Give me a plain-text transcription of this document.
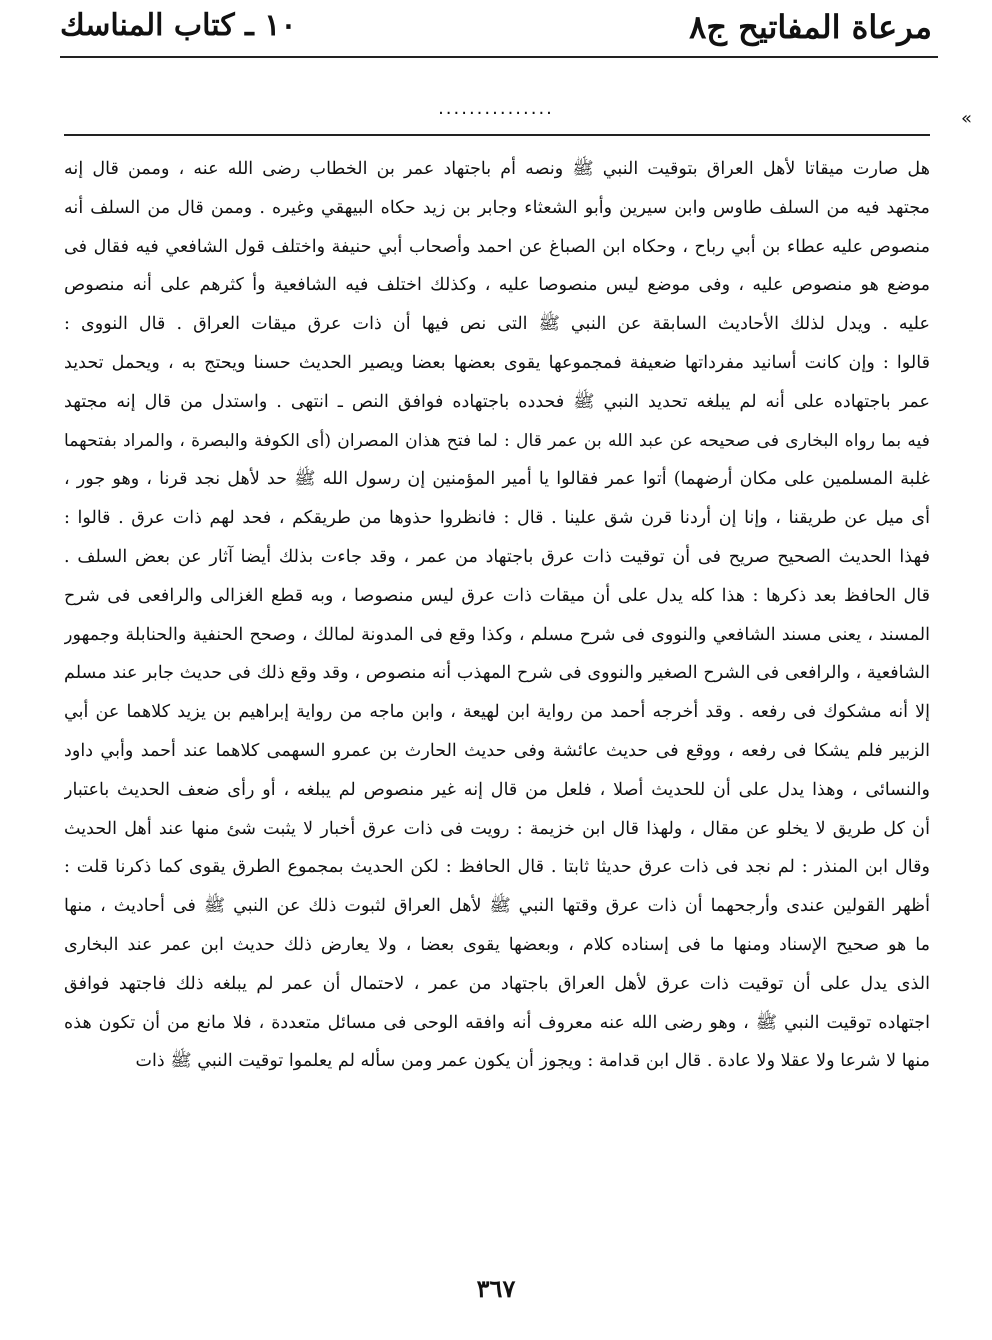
مرعاة المفاتيح ج٨
١٠ ـ كتاب المناسك
...............	«
هل صارت ميقاتا لأهل العراق بتوقيت النبي ﷺ ونصه أم باجتهاد عمر بن الخطاب رضى الله عنه ، وممن قال إنه
مجتهد فيه من السلف طاوس وابن سيرين وأبو الشعثاء وجابر بن زيد حكاه البيهقي وغيره . وممن قال من السلف أنه
منصوص عليه عطاء بن أبي رباح ، وحكاه ابن الصباغ عن احمد وأصحاب أبي حنيفة واختلف قول الشافعي فيه فقال فى
موضع هو منصوص عليه ، وفى موضع ليس منصوصا عليه ، وكذلك اختلف فيه الشافعية وأ كثرهم على أنه منصوص
عليه . ويدل لذلك الأحاديث السابقة عن النبي ﷺ التى نص فيها أن ذات عرق ميقات العراق . قال النووى :
قالوا : وإن كانت أسانيد مفرداتها ضعيفة فمجموعها يقوى بعضها بعضا ويصير الحديث حسنا ويحتج به ، ويحمل تحديد
عمر باجتهاده على أنه لم يبلغه تحديد النبي ﷺ فحدده باجتهاده فوافق النص ـ انتهى . واستدل من قال إنه مجتهد
فيه بما رواه البخارى فى صحيحه عن عبد الله بن عمر قال : لما فتح هذان المصران (أى الكوفة والبصرة ، والمراد بفتحهما
غلبة المسلمين على مكان أرضهما) أتوا عمر فقالوا يا أمير المؤمنين إن رسول الله ﷺ حد لأهل نجد قرنا ، وهو جور ،
أى ميل عن طريقنا ، وإنا إن أردنا قرن شق علينا . قال : فانظروا حذوها من طريقكم ، فحد لهم ذات عرق . قالوا :
فهذا الحديث الصحيح صريح فى أن توقيت ذات عرق باجتهاد من عمر ، وقد جاءت بذلك أيضا آثار عن بعض السلف .
قال الحافظ بعد ذكرها : هذا كله يدل على أن ميقات ذات عرق ليس منصوصا ، وبه قطع الغزالى والرافعى فى شرح
المسند ، يعنى مسند الشافعي والنووى فى شرح مسلم ، وكذا وقع فى المدونة لمالك ، وصحح الحنفية والحنابلة وجمهور
الشافعية ، والرافعى فى الشرح الصغير والنووى فى شرح المهذب أنه منصوص ، وقد وقع ذلك فى حديث جابر عند مسلم
إلا أنه مشكوك فى رفعه . وقد أخرجه أحمد من رواية ابن لهيعة ، وابن ماجه من رواية إبراهيم بن يزيد كلاهما عن أبي
الزبير فلم يشكا فى رفعه ، ووقع فى حديث عائشة وفى حديث الحارث بن عمرو السهمى كلاهما عند أحمد وأبي داود
والنسائى ، وهذا يدل على أن للحديث أصلا ، فلعل من قال إنه غير منصوص لم يبلغه ، أو رأى ضعف الحديث باعتبار
أن كل طريق لا يخلو عن مقال ، ولهذا قال ابن خزيمة : رويت فى ذات عرق أخبار لا يثبت شئ منها عند أهل الحديث
وقال ابن المنذر : لم نجد فى ذات عرق حديثا ثابتا . قال الحافظ : لكن الحديث بمجموع الطرق يقوى كما ذكرنا قلت :
أظهر القولين عندى وأرجحهما أن ذات عرق وقتها النبي ﷺ لأهل العراق لثبوت ذلك عن النبي ﷺ فى أحاديث ، منها
ما هو صحيح الإسناد ومنها ما فى إسناده كلام ، وبعضها يقوى بعضا ، ولا يعارض ذلك حديث ابن عمر عند البخارى
الذى يدل على أن توقيت ذات عرق لأهل العراق باجتهاد من عمر ، لاحتمال أن عمر لم يبلغه ذلك فاجتهد فوافق
اجتهاده توقيت النبي ﷺ ، وهو رضى الله عنه معروف أنه وافقه الوحى فى مسائل متعددة ، فلا مانع من أن تكون هذه
منها لا شرعا ولا عقلا ولا عادة . قال ابن قدامة : ويجوز أن يكون عمر ومن سأله لم يعلموا توقيت النبي ﷺ ذات
٣٦٧
